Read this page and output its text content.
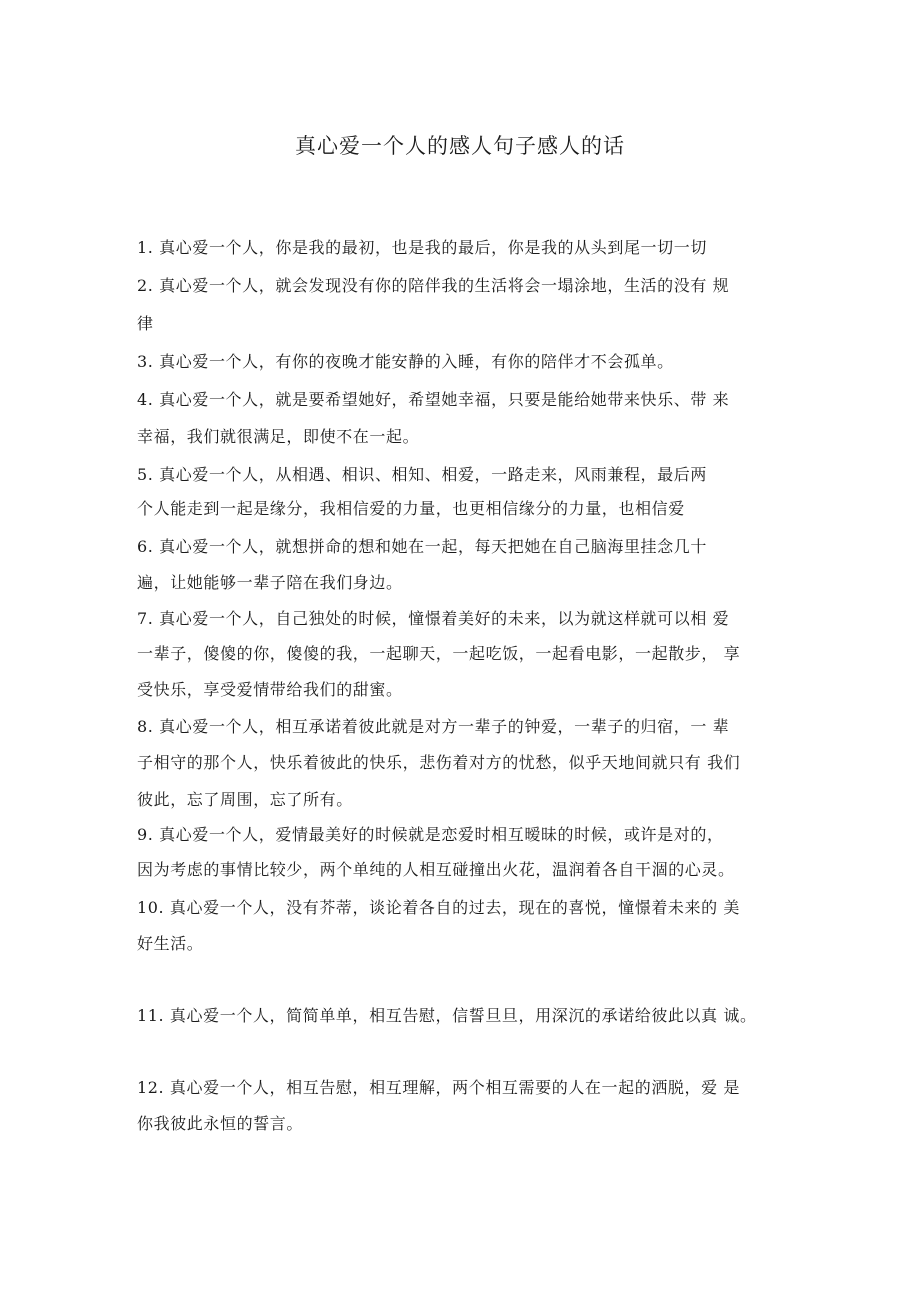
真心爱一个人的感人句子感人的话
1. 真心爱一个人，你是我的最初，也是我的最后，你是我的从头到尾一切一切
2. 真心爱一个人，就会发现没有你的陪伴我的生活将会一塌涂地，生活的没有 规
律
3. 真心爱一个人，有你的夜晚才能安静的入睡，有你的陪伴才不会孤单。
4. 真心爱一个人，就是要希望她好，希望她幸福，只要是能给她带来快乐、带 来
幸福，我们就很满足，即使不在一起。
5. 真心爱一个人，从相遇、相识、相知、相爱，一路走来，风雨兼程，最后两
个人能走到一起是缘分，我相信爱的力量，也更相信缘分的力量，也相信爱
6. 真心爱一个人，就想拼命的想和她在一起，每天把她在自己脑海里挂念几十
遍，让她能够一辈子陪在我们身边。
7. 真心爱一个人，自己独处的时候，憧憬着美好的未来，以为就这样就可以相 爱
一辈子，傻傻的你，傻傻的我，一起聊天，一起吃饭，一起看电影，一起散步， 享
受快乐，享受爱情带给我们的甜蜜。
8. 真心爱一个人，相互承诺着彼此就是对方一辈子的钟爱，一辈子的归宿，一 辈
子相守的那个人，快乐着彼此的快乐，悲伤着对方的忧愁，似乎天地间就只有 我们
彼此，忘了周围，忘了所有。
9. 真心爱一个人，爱情最美好的时候就是恋爱时相互暧昧的时候，或许是对的，
因为考虑的事情比较少，两个单纯的人相互碰撞出火花，温润着各自干涸的心灵。
10. 真心爱一个人，没有芥蒂，谈论着各自的过去，现在的喜悦，憧憬着未来的 美
好生活。
11. 真心爱一个人，简简单单，相互告慰，信誓旦旦，用深沉的承诺给彼此以真 诚。
12. 真心爱一个人，相互告慰，相互理解，两个相互需要的人在一起的洒脱，爱 是
你我彼此永恒的誓言。
